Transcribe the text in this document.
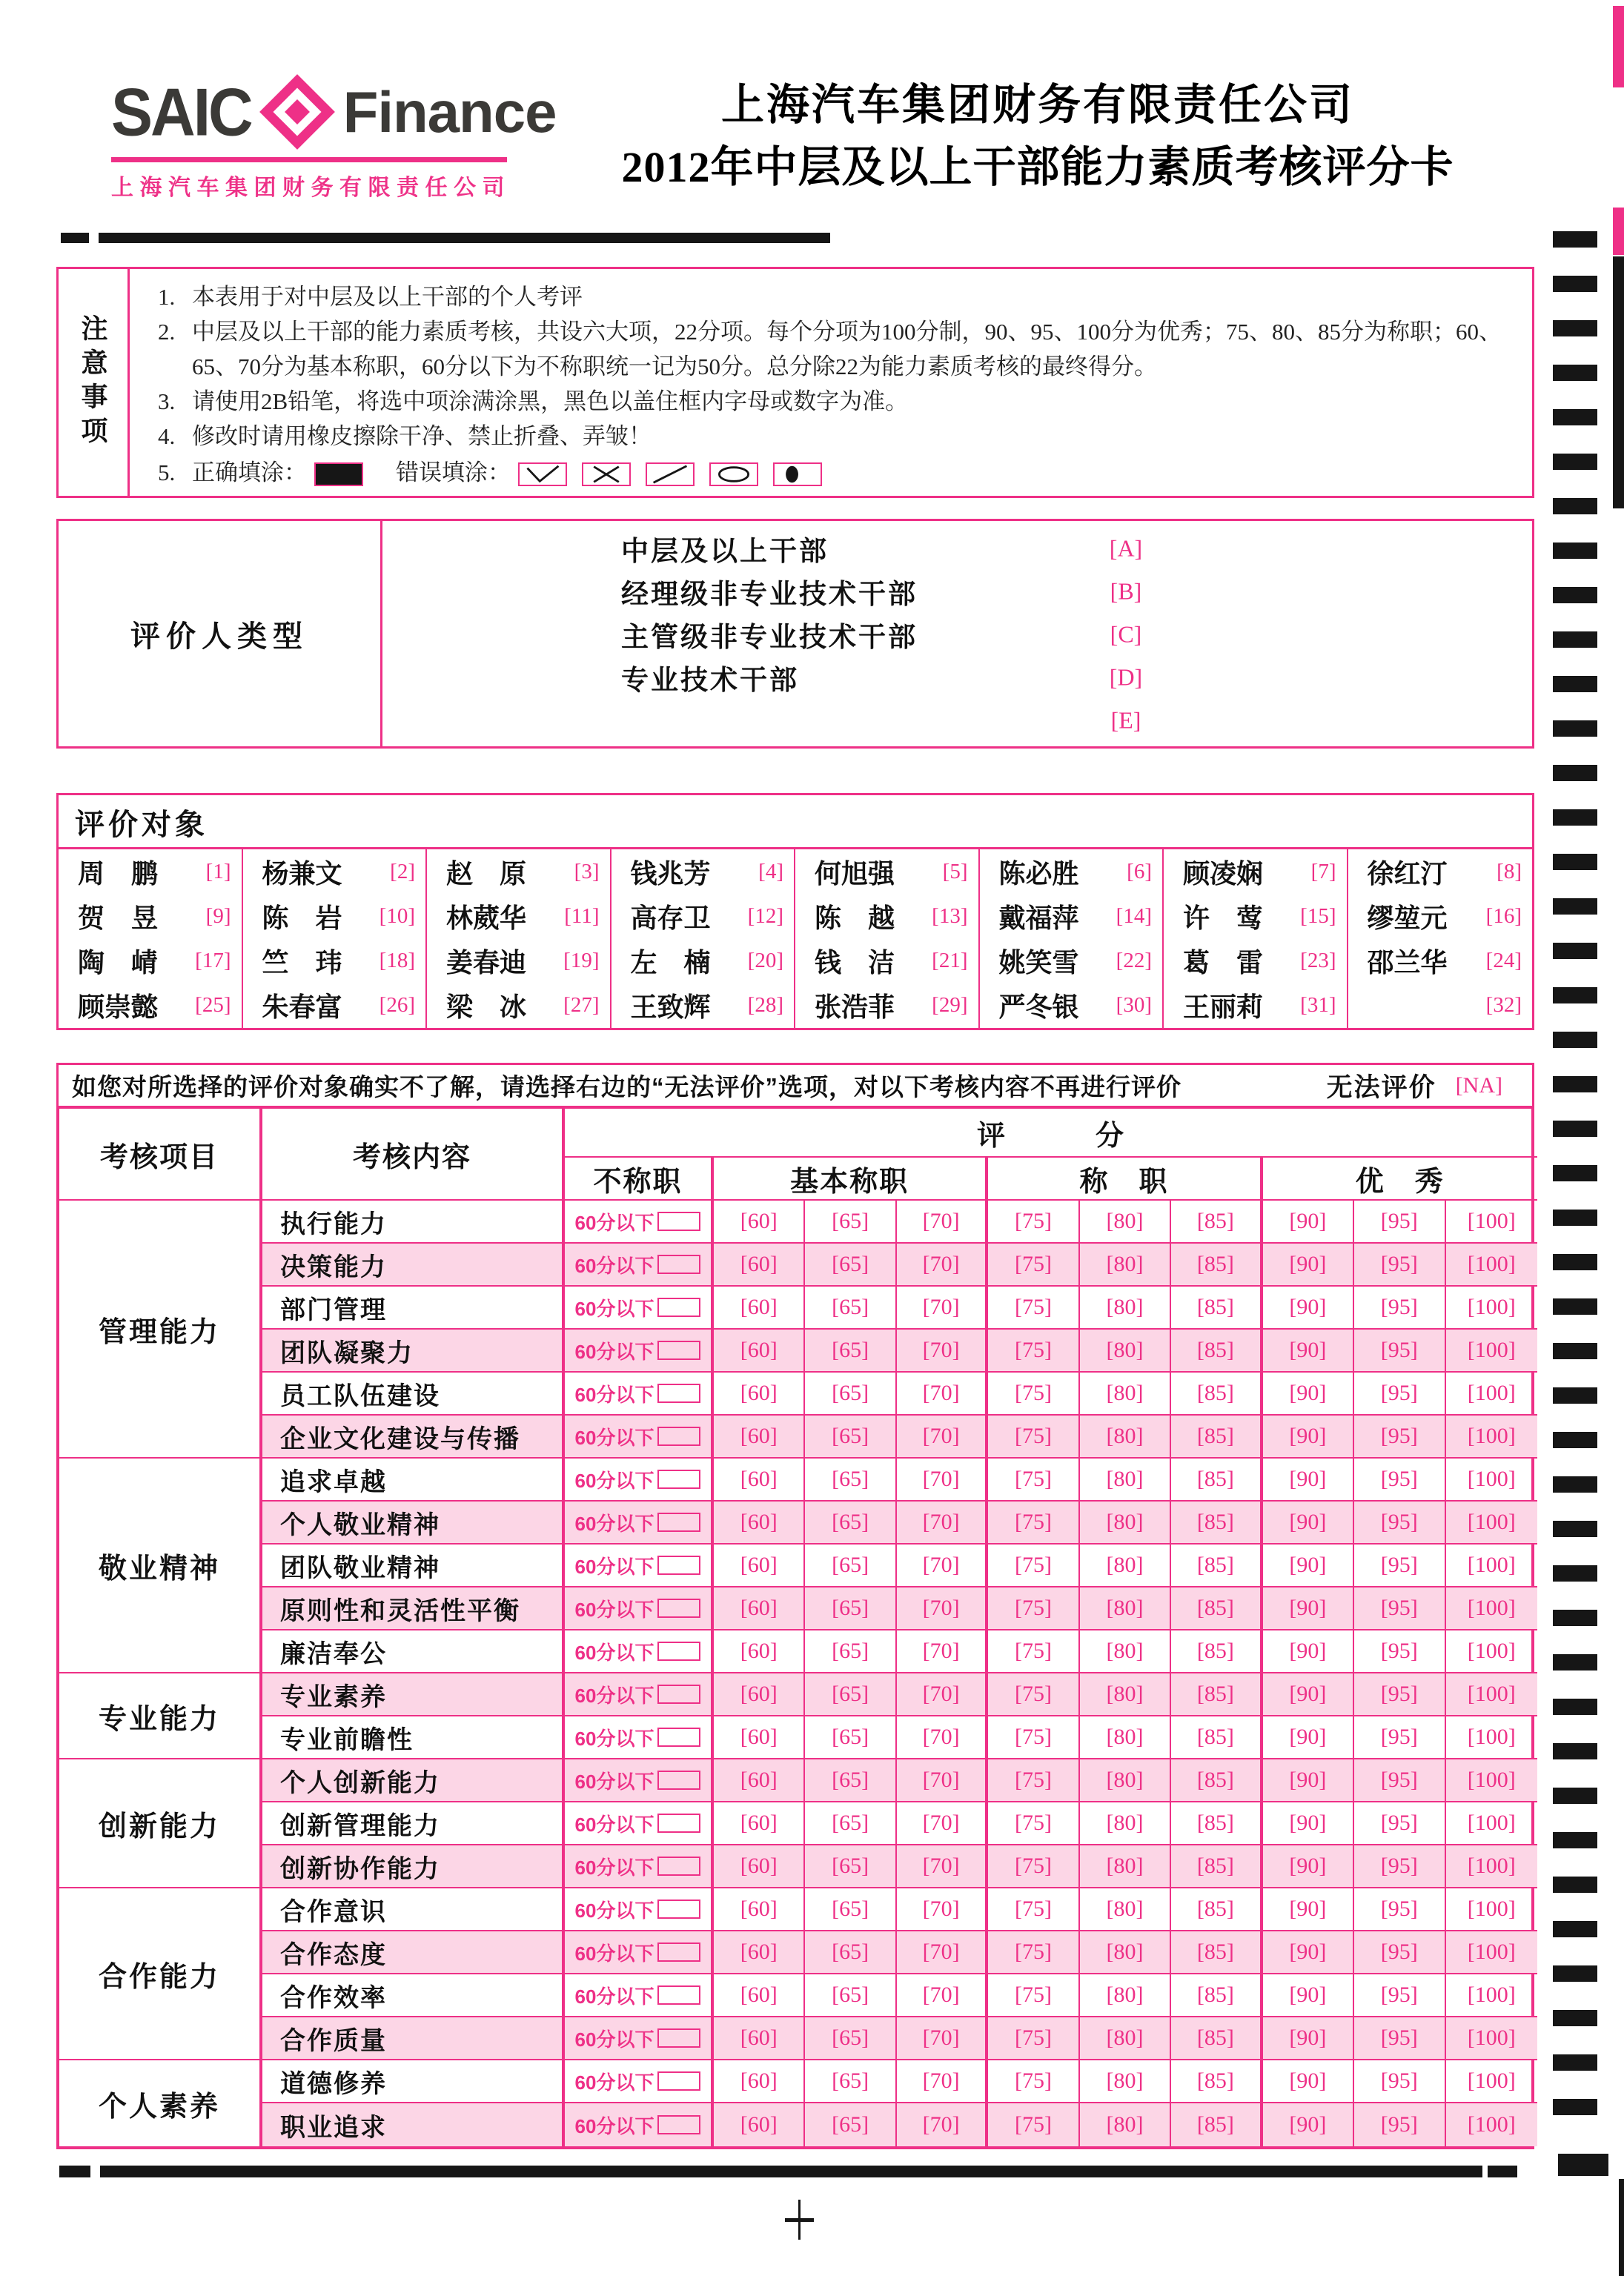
SAIC Finance
上海汽车集团财务有限责任公司
上海汽车集团财务有限责任公司
2012年中层及以上干部能力素质考核评分卡
注意事项
1. 本表用于对中层及以上干部的个人考评
2. 中层及以上干部的能力素质考核，共设六大项，22分项。每个分项为100分制，90、95、100分为优秀；75、80、85分为称职；60、65、70分为基本称职，60分以下为不称职统一记为50分。总分除22为能力素质考核的最终得分。
3. 请使用2B铅笔，将选中项涂满涂黑，黑色以盖住框内字母或数字为准。
4. 修改时请用橡皮擦除干净、禁止折叠、弄皱！
5. 正确填涂：	错误填涂：
评价人类型
中层及以上干部	[A]
经理级非专业技术干部	[B]
主管级非专业技术干部	[C]
专业技术干部	[D]
[E]
评价对象
周　鹏 [1] 杨兼文 [2] 赵　原 [3] 钱兆芳 [4] 何旭强 [5] 陈必胜 [6] 顾凌娴 [7] 徐红汀 [8]
贺　昱 [9] 陈　岩 [10] 林葳华 [11] 高存卫 [12] 陈　越 [13] 戴福萍 [14] 许　莺 [15] 缪堃元 [16]
陶　崝 [17] 竺　玮 [18] 姜春迪 [19] 左　楠 [20] 钱　洁 [21] 姚笑雪 [22] 葛　雷 [23] 邵兰华 [24]
顾崇懿 [25] 朱春富 [26] 梁　冰 [27] 王致辉 [28] 张浩菲 [29] 严冬银 [30] 王丽莉 [31]	[32]
如您对所选择的评价对象确实不了解，请选择右边的“无法评价”选项，对以下考核内容不再进行评价	无法评价 [NA]
考核项目	考核内容
评　　　分
不称职	基本称职	称　职	优　秀
管理能力
执行能力	60分以下	[60]	[65]	[70]	[75]	[80]	[85]	[90]	[95]	[100]
决策能力	60分以下	[60]	[65]	[70]	[75]	[80]	[85]	[90]	[95]	[100]
部门管理	60分以下	[60]	[65]	[70]	[75]	[80]	[85]	[90]	[95]	[100]
团队凝聚力	60分以下	[60]	[65]	[70]	[75]	[80]	[85]	[90]	[95]	[100]
员工队伍建设	60分以下	[60]	[65]	[70]	[75]	[80]	[85]	[90]	[95]	[100]
企业文化建设与传播	60分以下	[60]	[65]	[70]	[75]	[80]	[85]	[90]	[95]	[100]
敬业精神
追求卓越	60分以下	[60]	[65]	[70]	[75]	[80]	[85]	[90]	[95]	[100]
个人敬业精神	60分以下	[60]	[65]	[70]	[75]	[80]	[85]	[90]	[95]	[100]
团队敬业精神	60分以下	[60]	[65]	[70]	[75]	[80]	[85]	[90]	[95]	[100]
原则性和灵活性平衡	60分以下	[60]	[65]	[70]	[75]	[80]	[85]	[90]	[95]	[100]
廉洁奉公	60分以下	[60]	[65]	[70]	[75]	[80]	[85]	[90]	[95]	[100]
专业能力
专业素养	60分以下	[60]	[65]	[70]	[75]	[80]	[85]	[90]	[95]	[100]
专业前瞻性	60分以下	[60]	[65]	[70]	[75]	[80]	[85]	[90]	[95]	[100]
创新能力
个人创新能力	60分以下	[60]	[65]	[70]	[75]	[80]	[85]	[90]	[95]	[100]
创新管理能力	60分以下	[60]	[65]	[70]	[75]	[80]	[85]	[90]	[95]	[100]
创新协作能力	60分以下	[60]	[65]	[70]	[75]	[80]	[85]	[90]	[95]	[100]
合作能力
合作意识	60分以下	[60]	[65]	[70]	[75]	[80]	[85]	[90]	[95]	[100]
合作态度	60分以下	[60]	[65]	[70]	[75]	[80]	[85]	[90]	[95]	[100]
合作效率	60分以下	[60]	[65]	[70]	[75]	[80]	[85]	[90]	[95]	[100]
合作质量	60分以下	[60]	[65]	[70]	[75]	[80]	[85]	[90]	[95]	[100]
个人素养
道德修养	60分以下	[60]	[65]	[70]	[75]	[80]	[85]	[90]	[95]	[100]
职业追求	60分以下	[60]	[65]	[70]	[75]	[80]	[85]	[90]	[95]	[100]
